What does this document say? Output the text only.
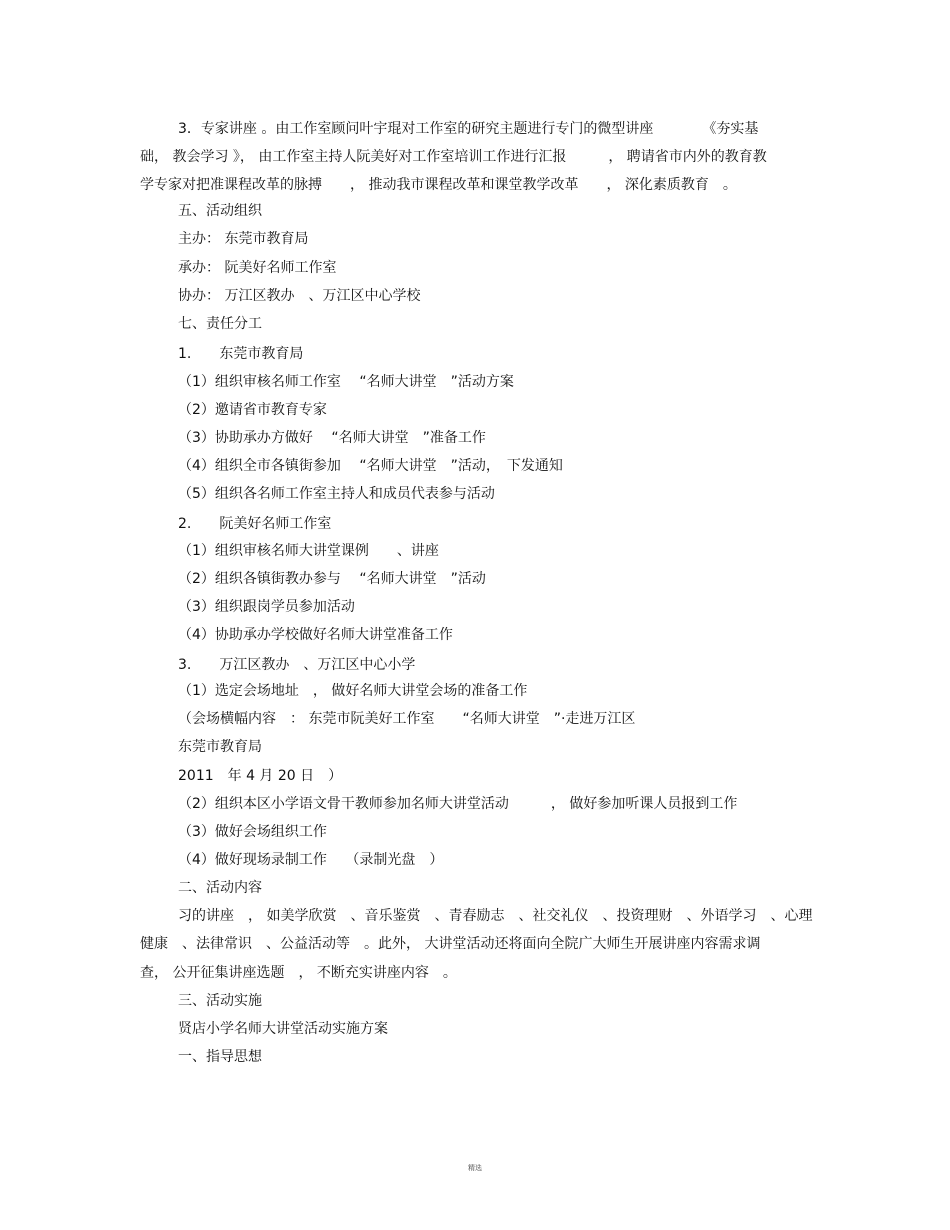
3．专家讲座 。由工作室顾问叶宇琨对工作室的研究主题进行专门的微型讲座　　　　《夯实基
础， 教会学习 》， 由工作室主持人阮美好对工作室培训工作进行汇报　　　， 聘请省市内外的教育教
学专家对把准课程改革的脉搏　　， 推动我市课程改革和课堂教学改革　　， 深化素质教育　。
五、活动组织
主办： 东莞市教育局
承办： 阮美好名师工作室
协办： 万江区教办　、万江区中心学校
七、责任分工
1.　　东莞市教育局
（1）组织审核名师工作室　 “名师大讲堂　”活动方案
（2）邀请省市教育专家
（3）协助承办方做好　 “名师大讲堂　”准备工作
（4）组织全市各镇街参加　 “名师大讲堂　”活动，　下发通知
（5）组织各名师工作室主持人和成员代表参与活动
2.　　阮美好名师工作室
（1）组织审核名师大讲堂课例　　、讲座
（2）组织各镇街教办参与　 “名师大讲堂　”活动
（3）组织跟岗学员参加活动
（4）协助承办学校做好名师大讲堂准备工作
3.　　万江区教办　、万江区中心小学
（1）选定会场地址　， 做好名师大讲堂会场的准备工作
（会场横幅内容　： 东莞市阮美好工作室　　“名师大讲堂　”·走进万江区
东莞市教育局
2011　年 4 月 20 日　）
（2）组织本区小学语文骨干教师参加名师大讲堂活动　　　， 做好参加听课人员报到工作
（3）做好会场组织工作
（4）做好现场录制工作　 （录制光盘　）
二、活动内容
习的讲座　， 如美学欣赏　、音乐鉴赏　、青春励志　、社交礼仪　、投资理财　、外语学习　、心理
健康　、法律常识　、公益活动等　。此外， 大讲堂活动还将面向全院广大师生开展讲座内容需求调
查， 公开征集讲座选题　， 不断充实讲座内容　。
三、活动实施
贤店小学名师大讲堂活动实施方案
一、指导思想
精选
